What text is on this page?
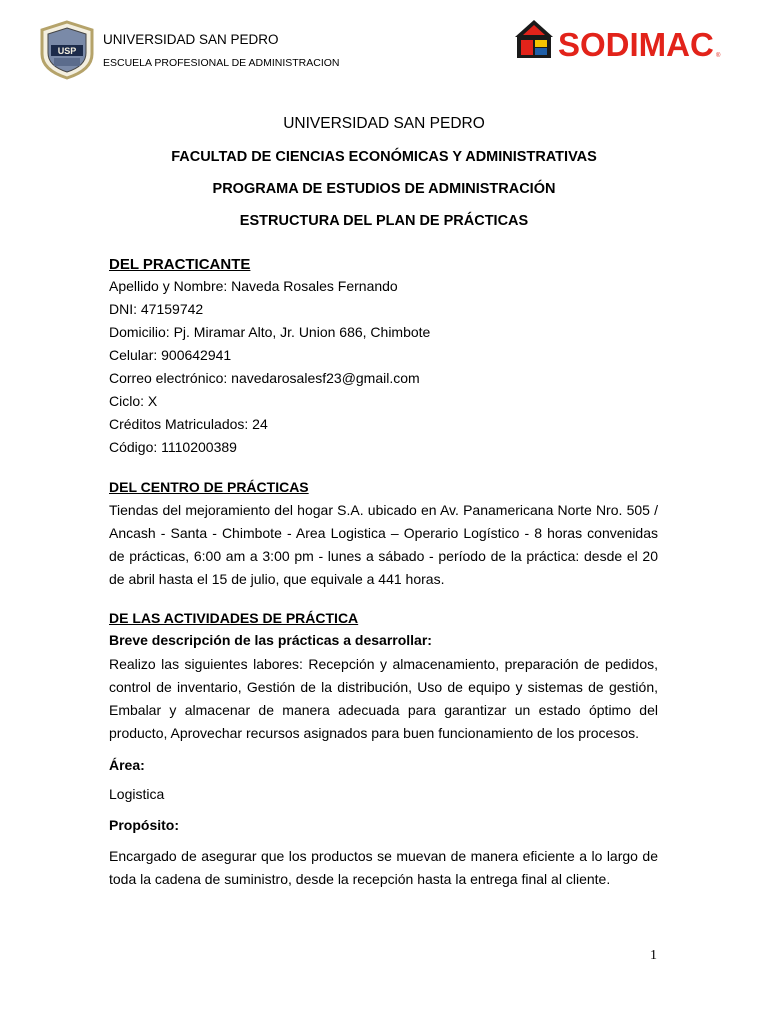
USP
UNIVERSIDAD SAN PEDRO
ESCUELA PROFESIONAL DE ADMINISTRACION	SODIMAC ®
UNIVERSIDAD SAN PEDRO
FACULTAD DE CIENCIAS ECONÓMICAS Y ADMINISTRATIVAS
PROGRAMA DE ESTUDIOS DE ADMINISTRACIÓN
ESTRUCTURA DEL PLAN DE PRÁCTICAS
DEL PRACTICANTE
Apellido y Nombre: Naveda Rosales Fernando
DNI: 47159742
Domicilio: Pj. Miramar Alto, Jr. Union 686, Chimbote
Celular: 900642941
Correo electrónico: navedarosalesf23@gmail.com
Ciclo: X
Créditos Matriculados: 24
Código: 1110200389
DEL CENTRO DE PRÁCTICAS
Tiendas del mejoramiento del hogar S.A. ubicado en Av. Panamericana Norte Nro. 505 / Ancash - Santa - Chimbote - Area Logistica – Operario Logístico - 8 horas convenidas de prácticas, 6:00 am a 3:00 pm - lunes a sábado - período de la práctica: desde el 20 de abril hasta el 15 de julio, que equivale a 441 horas.
DE LAS ACTIVIDADES DE PRÁCTICA
Breve descripción de las prácticas a desarrollar:
Realizo las siguientes labores: Recepción y almacenamiento, preparación de pedidos, control de inventario, Gestión de la distribución, Uso de equipo y sistemas de gestión, Embalar y almacenar de manera adecuada para garantizar un estado óptimo del producto, Aprovechar recursos asignados para buen funcionamiento de los procesos.
Área:
Logistica
Propósito:
Encargado de asegurar que los productos se muevan de manera eficiente a lo largo de toda la cadena de suministro, desde la recepción hasta la entrega final al cliente.
1
